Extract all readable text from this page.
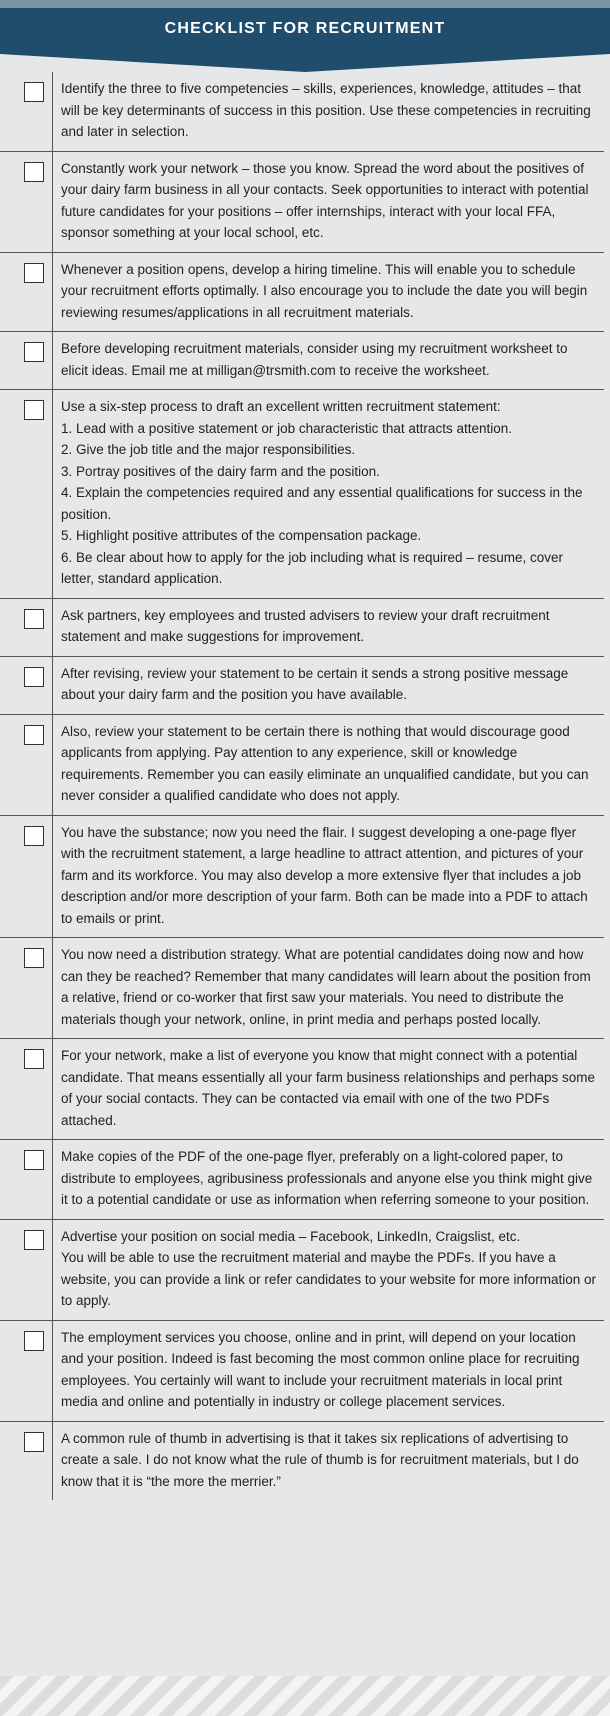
CHECKLIST FOR RECRUITMENT
Identify the three to five competencies – skills, experiences, knowledge, attitudes – that will be key determinants of success in this position. Use these competencies in recruiting and later in selection.
Constantly work your network – those you know. Spread the word about the positives of your dairy farm business in all your contacts. Seek opportunities to interact with potential future candidates for your positions – offer internships, interact with your local FFA, sponsor something at your local school, etc.
Whenever a position opens, develop a hiring timeline. This will enable you to schedule your recruitment efforts optimally. I also encourage you to include the date you will begin reviewing resumes/applications in all recruitment materials.
Before developing recruitment materials, consider using my recruitment worksheet to elicit ideas. Email me at milligan@trsmith.com to receive the worksheet.
Use a six-step process to draft an excellent written recruitment statement:
1. Lead with a positive statement or job characteristic that attracts attention.
2. Give the job title and the major responsibilities.
3. Portray positives of the dairy farm and the position.
4. Explain the competencies required and any essential qualifications for success in the position.
5. Highlight positive attributes of the compensation package.
6. Be clear about how to apply for the job including what is required – resume, cover letter, standard application.
Ask partners, key employees and trusted advisers to review your draft recruitment statement and make suggestions for improvement.
After revising, review your statement to be certain it sends a strong positive message about your dairy farm and the position you have available.
Also, review your statement to be certain there is nothing that would discourage good applicants from applying. Pay attention to any experience, skill or knowledge requirements. Remember you can easily eliminate an unqualified candidate, but you can never consider a qualified candidate who does not apply.
You have the substance; now you need the flair. I suggest developing a one-page flyer with the recruitment statement, a large headline to attract attention, and pictures of your farm and its workforce. You may also develop a more extensive flyer that includes a job description and/or more description of your farm. Both can be made into a PDF to attach to emails or print.
You now need a distribution strategy. What are potential candidates doing now and how can they be reached? Remember that many candidates will learn about the position from a relative, friend or co-worker that first saw your materials. You need to distribute the materials though your network, online, in print media and perhaps posted locally.
For your network, make a list of everyone you know that might connect with a potential candidate. That means essentially all your farm business relationships and perhaps some of your social contacts. They can be contacted via email with one of the two PDFs attached.
Make copies of the PDF of the one-page flyer, preferably on a light-colored paper, to distribute to employees, agribusiness professionals and anyone else you think might give it to a potential candidate or use as information when referring someone to your position.
Advertise your position on social media – Facebook, LinkedIn, Craigslist, etc.
You will be able to use the recruitment material and maybe the PDFs. If you have a website, you can provide a link or refer candidates to your website for more information or to apply.
The employment services you choose, online and in print, will depend on your location and your position. Indeed is fast becoming the most common online place for recruiting employees. You certainly will want to include your recruitment materials in local print media and online and potentially in industry or college placement services.
A common rule of thumb in advertising is that it takes six replications of advertising to create a sale. I do not know what the rule of thumb is for recruitment materials, but I do know that it is “the more the merrier.”
